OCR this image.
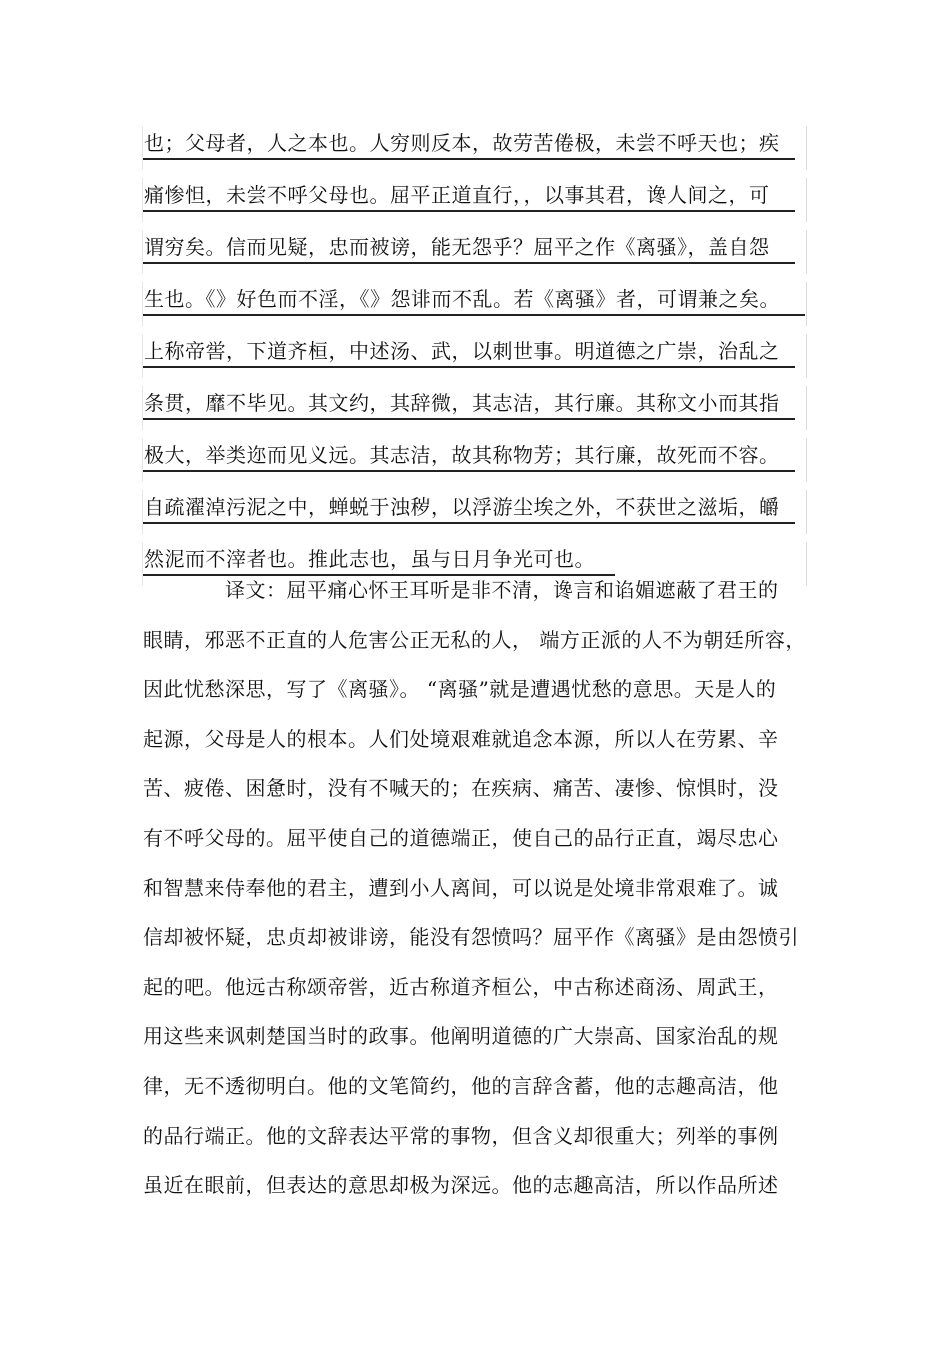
也；父母者，人之本也。人穷则反本，故劳苦倦极，未尝不呼天也；疾
痛惨怛，未尝不呼父母也。屈平正道直行，，以事其君，谗人间之，可
谓穷矣。信而见疑，忠而被谤，能无怨乎？屈平之作《离骚》，盖自怨
生也。《》好色而不淫，《》怨诽而不乱。若《离骚》者，可谓兼之矣。
上称帝喾，下道齐桓，中述汤、武，以刺世事。明道德之广崇，治乱之
条贯，靡不毕见。其文约，其辞微，其志洁，其行廉。其称文小而其指
极大，举类迩而见义远。其志洁，故其称物芳；其行廉，故死而不容。
自疏濯淖污泥之中，蝉蜕于浊秽，以浮游尘埃之外，不获世之滋垢，皭
然泥而不滓者也。推此志也，虽与日月争光可也。
译文：屈平痛心怀王耳听是非不清，谗言和谄媚遮蔽了君王的
眼睛，邪恶不正直的人危害公正无私的人， 端方正派的人不为朝廷所容，
因此忧愁深思，写了《离骚》。 “离骚”就是遭遇忧愁的意思。天是人的
起源，父母是人的根本。人们处境艰难就追念本源，所以人在劳累、辛
苦、疲倦、困惫时，没有不喊天的；在疾病、痛苦、凄惨、惊惧时，没
有不呼父母的。屈平使自己的道德端正，使自己的品行正直，竭尽忠心
和智慧来侍奉他的君主，遭到小人离间，可以说是处境非常艰难了。诚
信却被怀疑，忠贞却被诽谤，能没有怨愤吗？屈平作《离骚》是由怨愤引
起的吧。他远古称颂帝喾，近古称道齐桓公，中古称述商汤、周武王，
用这些来讽刺楚国当时的政事。他阐明道德的广大崇高、国家治乱的规
律，无不透彻明白。他的文笔简约，他的言辞含蓄，他的志趣高洁，他
的品行端正。他的文辞表达平常的事物，但含义却很重大；列举的事例
虽近在眼前，但表达的意思却极为深远。他的志趣高洁，所以作品所述
